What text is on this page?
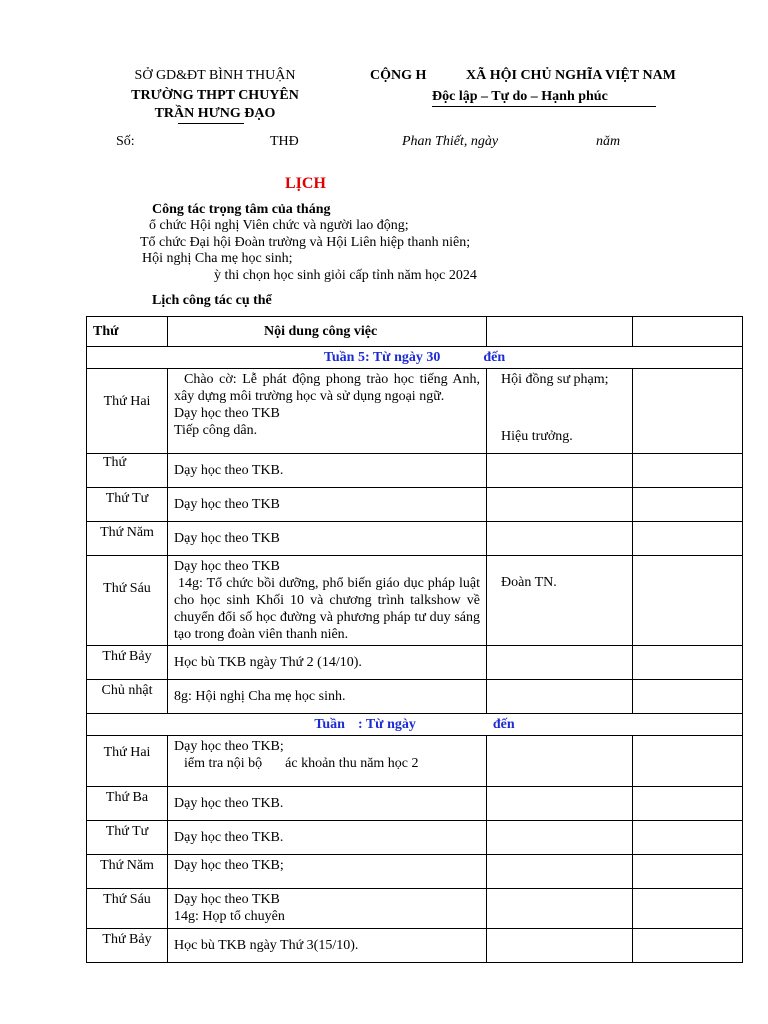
SỞ GD&ĐT BÌNH THUẬN
TRƯỜNG THPT CHUYÊN
TRẦN HƯNG ĐẠO
CỘNG H	XÃ HỘI CHỦ NGHĨA VIỆT NAM
Độc lập – Tự do – Hạnh phúc
Số:	THĐ	Phan Thiết, ngày	năm
LỊCH
Công tác trọng tâm của tháng
ổ chức Hội nghị Viên chức và người lao động;
Tổ chức Đại hội Đoàn trường và Hội Liên hiệp thanh niên;
Hội nghị Cha mẹ học sinh;
ỳ thi chọn học sinh giỏi cấp tỉnh năm học 2024
Lịch công tác cụ thể
Thứ	Nội dung công việc		
Tuần 5: Từ ngày 30 đến			
Thứ Hai	Chào cờ: Lễ phát động phong trào học tiếng Anh, xây dựng môi trường học và sử dụng ngoại ngữ.
Dạy học theo TKB
Tiếp công dân.	Hội đồng sư phạm;
Hiệu trưởng.	

Thứ	Dạy học theo TKB.		
Thứ Tư	Dạy học theo TKB		
Thứ Năm	Dạy học theo TKB		
Thứ Sáu	Dạy học theo TKB
14g: Tổ chức bồi dưỡng, phổ biến giáo dục pháp luật cho học sinh Khối 10 và chương trình talkshow về chuyển đổi số học đường và phương pháp tư duy sáng tạo trong đoàn viên thanh niên.	Đoàn TN.	

Thứ Bảy	Học bù TKB ngày Thứ 2 (14/10).		
Chủ nhật	8g: Hội nghị Cha mẹ học sinh.		
Tuần : Từ ngày đến			
Thứ Hai	Dạy học theo TKB;
iểm tra nội bộ ác khoản thu năm học 2		

Thứ Ba	Dạy học theo TKB.		
Thứ Tư	Dạy học theo TKB.		
Thứ Năm	Dạy học theo TKB;		
Thứ Sáu	Dạy học theo TKB
14g: Họp tổ chuyên		

Thứ Bảy	Học bù TKB ngày Thứ 3(15/10).		
